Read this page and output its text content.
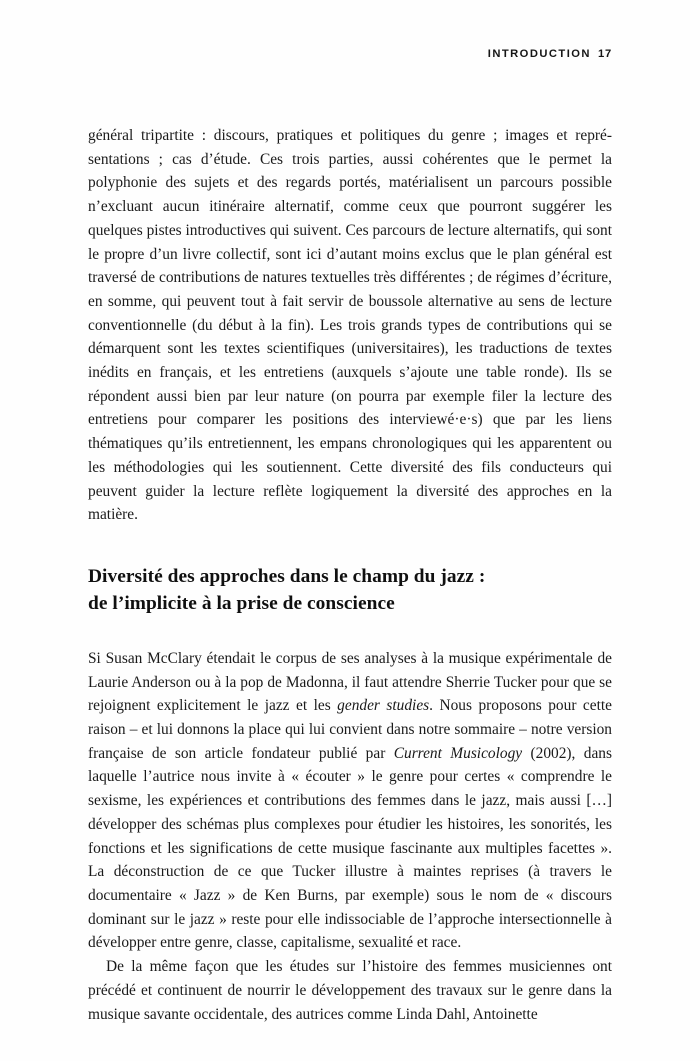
INTRODUCTION 17

général tripartite : discours, pratiques et politiques du genre ; images et repré-sentations ; cas d’étude. Ces trois parties, aussi cohérentes que le permet la polyphonie des sujets et des regards portés, matérialisent un parcours possible n’excluant aucun itinéraire alternatif, comme ceux que pourront suggérer les quelques pistes introductives qui suivent. Ces parcours de lecture alternatifs, qui sont le propre d’un livre collectif, sont ici d’autant moins exclus que le plan général est traversé de contributions de natures textuelles très différentes ; de régimes d’écriture, en somme, qui peuvent tout à fait servir de boussole alternative au sens de lecture conventionnelle (du début à la fin). Les trois grands types de contributions qui se démarquent sont les textes scientifiques (universitaires), les traductions de textes inédits en français, et les entretiens (auxquels s’ajoute une table ronde). Ils se répondent aussi bien par leur nature (on pourra par exemple filer la lecture des entretiens pour comparer les positions des interviewé·e·s) que par les liens thématiques qu’ils entretiennent, les empans chronologiques qui les apparentent ou les méthodologies qui les soutiennent. Cette diversité des fils conducteurs qui peuvent guider la lecture reflète logiquement la diversité des approches en la matière.

Diversité des approches dans le champ du jazz :
de l’implicite à la prise de conscience

Si Susan McClary étendait le corpus de ses analyses à la musique expérimentale de Laurie Anderson ou à la pop de Madonna, il faut attendre Sherrie Tucker pour que se rejoignent explicitement le jazz et les gender studies. Nous proposons pour cette raison – et lui donnons la place qui lui convient dans notre sommaire – notre version française de son article fondateur publié par Current Musicology (2002), dans laquelle l’autrice nous invite à « écouter » le genre pour certes « comprendre le sexisme, les expériences et contributions des femmes dans le jazz, mais aussi […] développer des schémas plus complexes pour étudier les histoires, les sonorités, les fonctions et les significations de cette musique fascinante aux multiples facettes ». La déconstruction de ce que Tucker illustre à maintes reprises (à travers le documentaire « Jazz » de Ken Burns, par exemple) sous le nom de « discours dominant sur le jazz » reste pour elle indissociable de l’approche intersectionnelle à développer entre genre, classe, capitalisme, sexualité et race.

De la même façon que les études sur l’histoire des femmes musiciennes ont précédé et continuent de nourrir le développement des travaux sur le genre dans la musique savante occidentale, des autrices comme Linda Dahl, Antoinette
